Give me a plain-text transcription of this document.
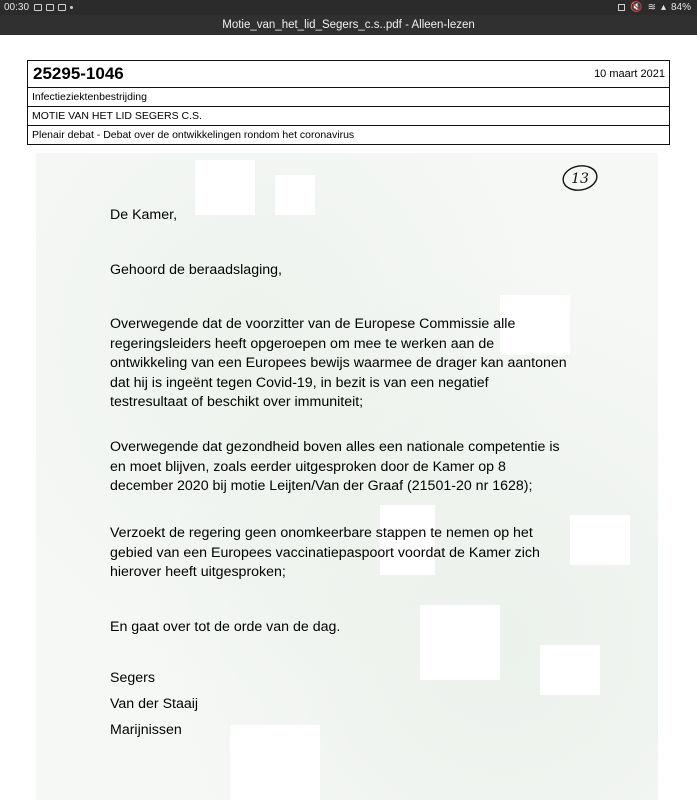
00:30	🔇 ≋ ▴ 84%
Motie_van_het_lid_Segers_c.s..pdf - Alleen-lezen
25295-1046	10 maart 2021

Infectieziektenbestrijding
MOTIE VAN HET LID SEGERS C.S.
Plenair debat - Debat over de ontwikkelingen rondom het coronavirus
13
De Kamer,
Gehoord de beraadslaging,
Overwegende dat de voorzitter van de Europese Commissie alle
regeringsleiders heeft opgeroepen om mee te werken aan de
ontwikkeling van een Europees bewijs waarmee de drager kan aantonen
dat hij is ingeënt tegen Covid-19, in bezit is van een negatief
testresultaat of beschikt over immuniteit;
Overwegende dat gezondheid boven alles een nationale competentie is
en moet blijven, zoals eerder uitgesproken door de Kamer op 8
december 2020 bij motie Leijten/Van der Graaf (21501-20 nr 1628);
Verzoekt de regering geen onomkeerbare stappen te nemen op het
gebied van een Europees vaccinatiepaspoort voordat de Kamer zich
hierover heeft uitgesproken;
En gaat over tot de orde van de dag.
Segers
Van der Staaij
Marijnissen
